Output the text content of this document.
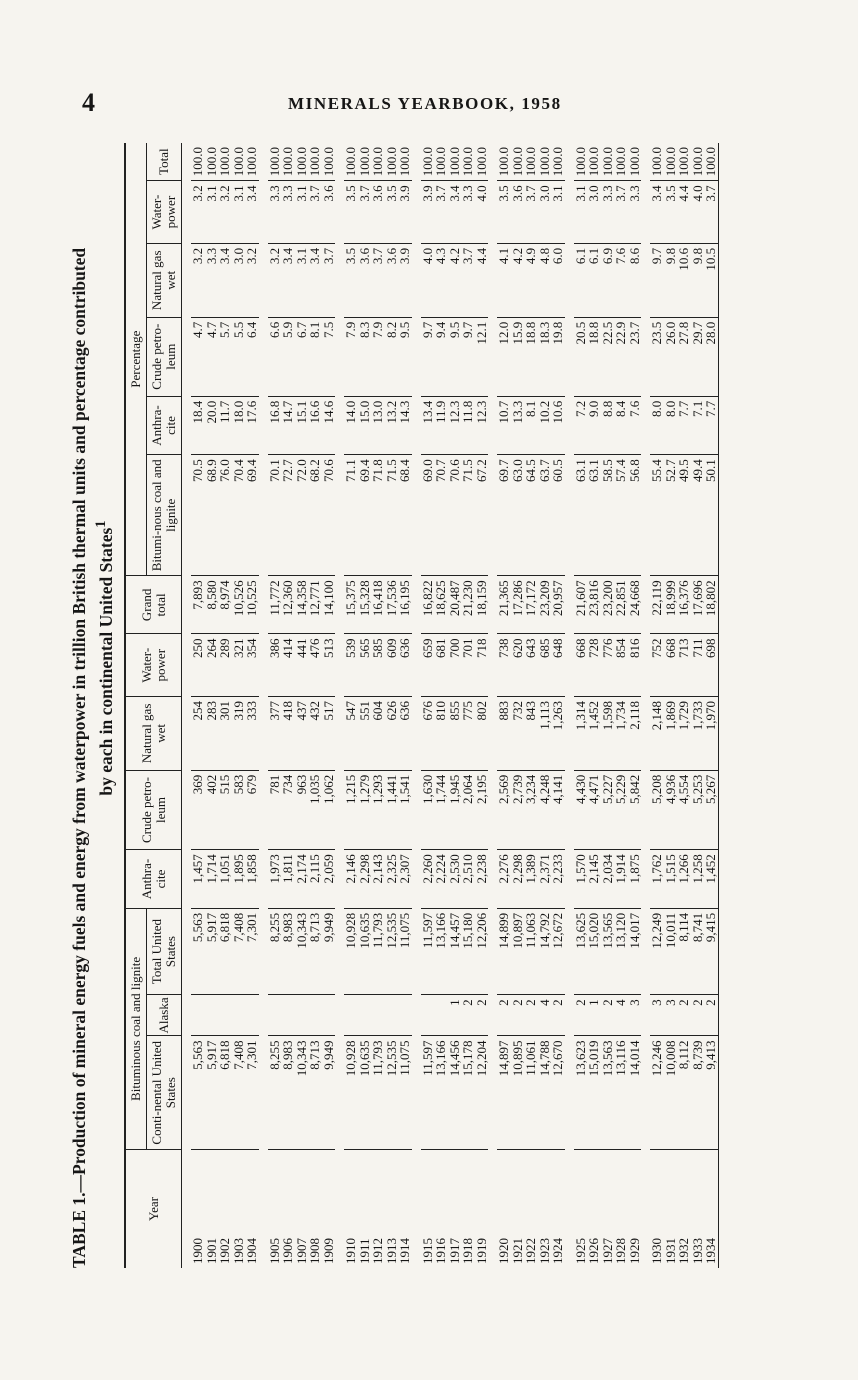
4	MINERALS YEARBOOK, 1958
TABLE 1.—Production of mineral energy fuels and energy from waterpower in trillion British thermal units and percentage contributed by each in continental United States$^1$
Year	Bituminous coal and lignite			Anthra-cite	Crude petro-leum	Natural gas wet	Water-power	Grand total	Percentage					
	Conti-nental United States	Alaska	Total United States						Bitumi-nous coal and lignite	Anthra-cite	Crude petro-leum	Natural gas wet	Water-power	Total

1900	5,563		5,563	1,457	369	254	250	7,893	70.5	18.4	4.7	3.2	3.2	100.0
1901	5,917		5,917	1,714	402	283	264	8,580	68.9	20.0	4.7	3.3	3.1	100.0
1902	6,818		6,818	1,051	515	301	289	8,974	76.0	11.7	5.7	3.4	3.2	100.0
1903	7,408		7,408	1,895	583	319	321	10,526	70.4	18.0	5.5	3.0	3.1	100.0
1904	7,301		7,301	1,858	679	333	354	10,525	69.4	17.6	6.4	3.2	3.4	100.0

1905	8,255		8,255	1,973	781	377	386	11,772	70.1	16.8	6.6	3.2	3.3	100.0
1906	8,983		8,983	1,811	734	418	414	12,360	72.7	14.7	5.9	3.4	3.3	100.0
1907	10,343		10,343	2,174	963	437	441	14,358	72.0	15.1	6.7	3.1	3.1	100.0
1908	8,713		8,713	2,115	1,035	432	476	12,771	68.2	16.6	8.1	3.4	3.7	100.0
1909	9,949		9,949	2,059	1,062	517	513	14,100	70.6	14.6	7.5	3.7	3.6	100.0

1910	10,928		10,928	2,146	1,215	547	539	15,375	71.1	14.0	7.9	3.5	3.5	100.0
1911	10,635		10,635	2,298	1,279	551	565	15,328	69.4	15.0	8.3	3.6	3.7	100.0
1912	11,793		11,793	2,143	1,293	604	585	16,418	71.8	13.0	7.9	3.7	3.6	100.0
1913	12,535		12,535	2,325	1,441	626	609	17,536	71.5	13.2	8.2	3.6	3.5	100.0
1914	11,075		11,075	2,307	1,541	636	636	16,195	68.4	14.3	9.5	3.9	3.9	100.0

1915	11,597		11,597	2,260	1,630	676	659	16,822	69.0	13.4	9.7	4.0	3.9	100.0
1916	13,166		13,166	2,224	1,744	810	681	18,625	70.7	11.9	9.4	4.3	3.7	100.0
1917	14,456	1	14,457	2,530	1,945	855	700	20,487	70.6	12.3	9.5	4.2	3.4	100.0
1918	15,178	2	15,180	2,510	2,064	775	701	21,230	71.5	11.8	9.7	3.7	3.3	100.0
1919	12,204	2	12,206	2,238	2,195	802	718	18,159	67.2	12.3	12.1	4.4	4.0	100.0

1920	14,897	2	14,899	2,276	2,569	883	738	21,365	69.7	10.7	12.0	4.1	3.5	100.0
1921	10,895	2	10,897	2,298	2,739	732	620	17,286	63.0	13.3	15.9	4.2	3.6	100.0
1922	11,061	2	11,063	1,389	3,234	843	643	17,172	64.5	8.1	18.8	4.9	3.7	100.0
1923	14,788	4	14,792	2,371	4,248	1,113	685	23,209	63.7	10.2	18.3	4.8	3.0	100.0
1924	12,670	2	12,672	2,233	4,141	1,263	648	20,957	60.5	10.6	19.8	6.0	3.1	100.0

1925	13,623	2	13,625	1,570	4,430	1,314	668	21,607	63.1	7.2	20.5	6.1	3.1	100.0
1926	15,019	1	15,020	2,145	4,471	1,452	728	23,816	63.1	9.0	18.8	6.1	3.0	100.0
1927	13,563	2	13,565	2,034	5,227	1,598	776	23,200	58.5	8.8	22.5	6.9	3.3	100.0
1928	13,116	4	13,120	1,914	5,229	1,734	854	22,851	57.4	8.4	22.9	7.6	3.7	100.0
1929	14,014	3	14,017	1,875	5,842	2,118	816	24,668	56.8	7.6	23.7	8.6	3.3	100.0

1930	12,246	3	12,249	1,762	5,208	2,148	752	22,119	55.4	8.0	23.5	9.7	3.4	100.0
1931	10,008	3	10,011	1,515	4,936	1,869	668	18,999	52.7	8.0	26.0	9.8	3.5	100.0
1932	8,112	2	8,114	1,266	4,554	1,729	713	16,376	49.5	7.7	27.8	10.6	4.4	100.0
1933	8,739	2	8,741	1,258	5,253	1,733	711	17,696	49.4	7.1	29.7	9.8	4.0	100.0
1934	9,413	2	9,415	1,452	5,267	1,970	698	18,802	50.1	7.7	28.0	10.5	3.7	100.0
